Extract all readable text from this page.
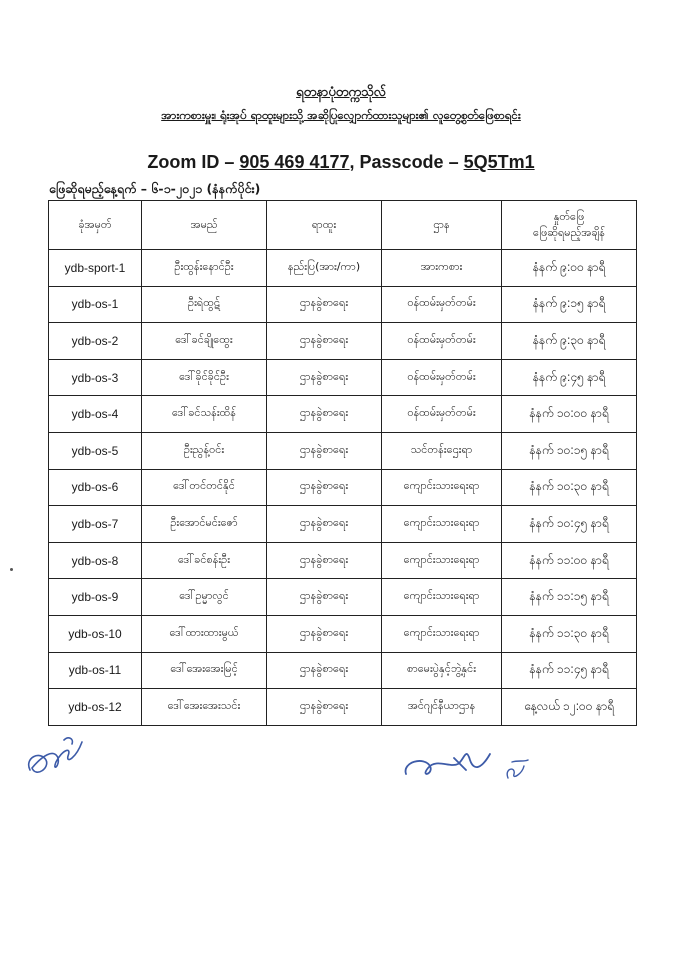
ရတနာပုံတက္ကသိုလ်
အားကစားမှူး၊ ရုံးအုပ် ရာထူးများသို့ အဆိုပြုလျှောက်ထားသူများ၏ လူတွေ့စွတ်ဖြေစာရင်း
Zoom ID – 905 469 4177, Passcode – 5Q5Tm1
ဖြေဆိုရမည့်နေ့ရက် – ၆-၁-၂၀၂၁ (နံနက်ပိုင်း)
ခုံအမှတ်	အမည်	ရာထူး	ဌာန	နှုတ်ဖြေ
ဖြေဆိုရမည့်အချိန်

ydb-sport-1	ဦးထွန်းနောင်ဦး	နည်းပြ(အား/ကာ)	အားကစား	နံနက် ၉:၀၀ နာရီ
ydb-os-1	ဦးရဲထွဋ်	ဌာနခွဲစာရေး	ဝန်ထမ်းမှတ်တမ်း	နံနက် ၉:၁၅ နာရီ
ydb-os-2	ဒေါ်ခင်ချိုထွေး	ဌာနခွဲစာရေး	ဝန်ထမ်းမှတ်တမ်း	နံနက် ၉:၃၀ နာရီ
ydb-os-3	ဒေါ်ခိုင်ခိုင်ဦး	ဌာနခွဲစာရေး	ဝန်ထမ်းမှတ်တမ်း	နံနက် ၉:၄၅ နာရီ
ydb-os-4	ဒေါ်ခင်သန်းထိန်	ဌာနခွဲစာရေး	ဝန်ထမ်းမှတ်တမ်း	နံနက် ၁၀:၀၀ နာရီ
ydb-os-5	ဦးညွန့်ဝင်း	ဌာနခွဲစာရေး	သင်တန်းဌေးရာ	နံနက် ၁၀:၁၅ နာရီ
ydb-os-6	ဒေါ်တင်တင်နိုင်	ဌာနခွဲစာရေး	ကျောင်းသားရေးရာ	နံနက် ၁၀:၃၀ နာရီ
ydb-os-7	ဦးအောင်မင်းဇော်	ဌာနခွဲစာရေး	ကျောင်းသားရေးရာ	နံနက် ၁၀:၄၅ နာရီ
ydb-os-8	ဒေါ်ခင်စန်းဦး	ဌာနခွဲစာရေး	ကျောင်းသားရေးရာ	နံနက် ၁၁:၀၀ နာရီ
ydb-os-9	ဒေါ်ဥမ္မာလွင်	ဌာနခွဲစာရေး	ကျောင်းသားရေးရာ	နံနက် ၁၁:၁၅ နာရီ
ydb-os-10	ဒေါ်ထားထားမွယ်	ဌာနခွဲစာရေး	ကျောင်းသားရေးရာ	နံနက် ၁၁:၃၀ နာရီ
ydb-os-11	ဒေါ်အေးအေးမြင့်	ဌာနခွဲစာရေး	စာမေးပွဲနှင့်ဘွဲ့နှင်း	နံနက် ၁၁:၄၅ နာရီ
ydb-os-12	ဒေါ်အေးအေးသင်း	ဌာနခွဲစာရေး	အင်ဂျင်နီယာဌာန	နေ့လယ် ၁၂:၀၀ နာရီ
